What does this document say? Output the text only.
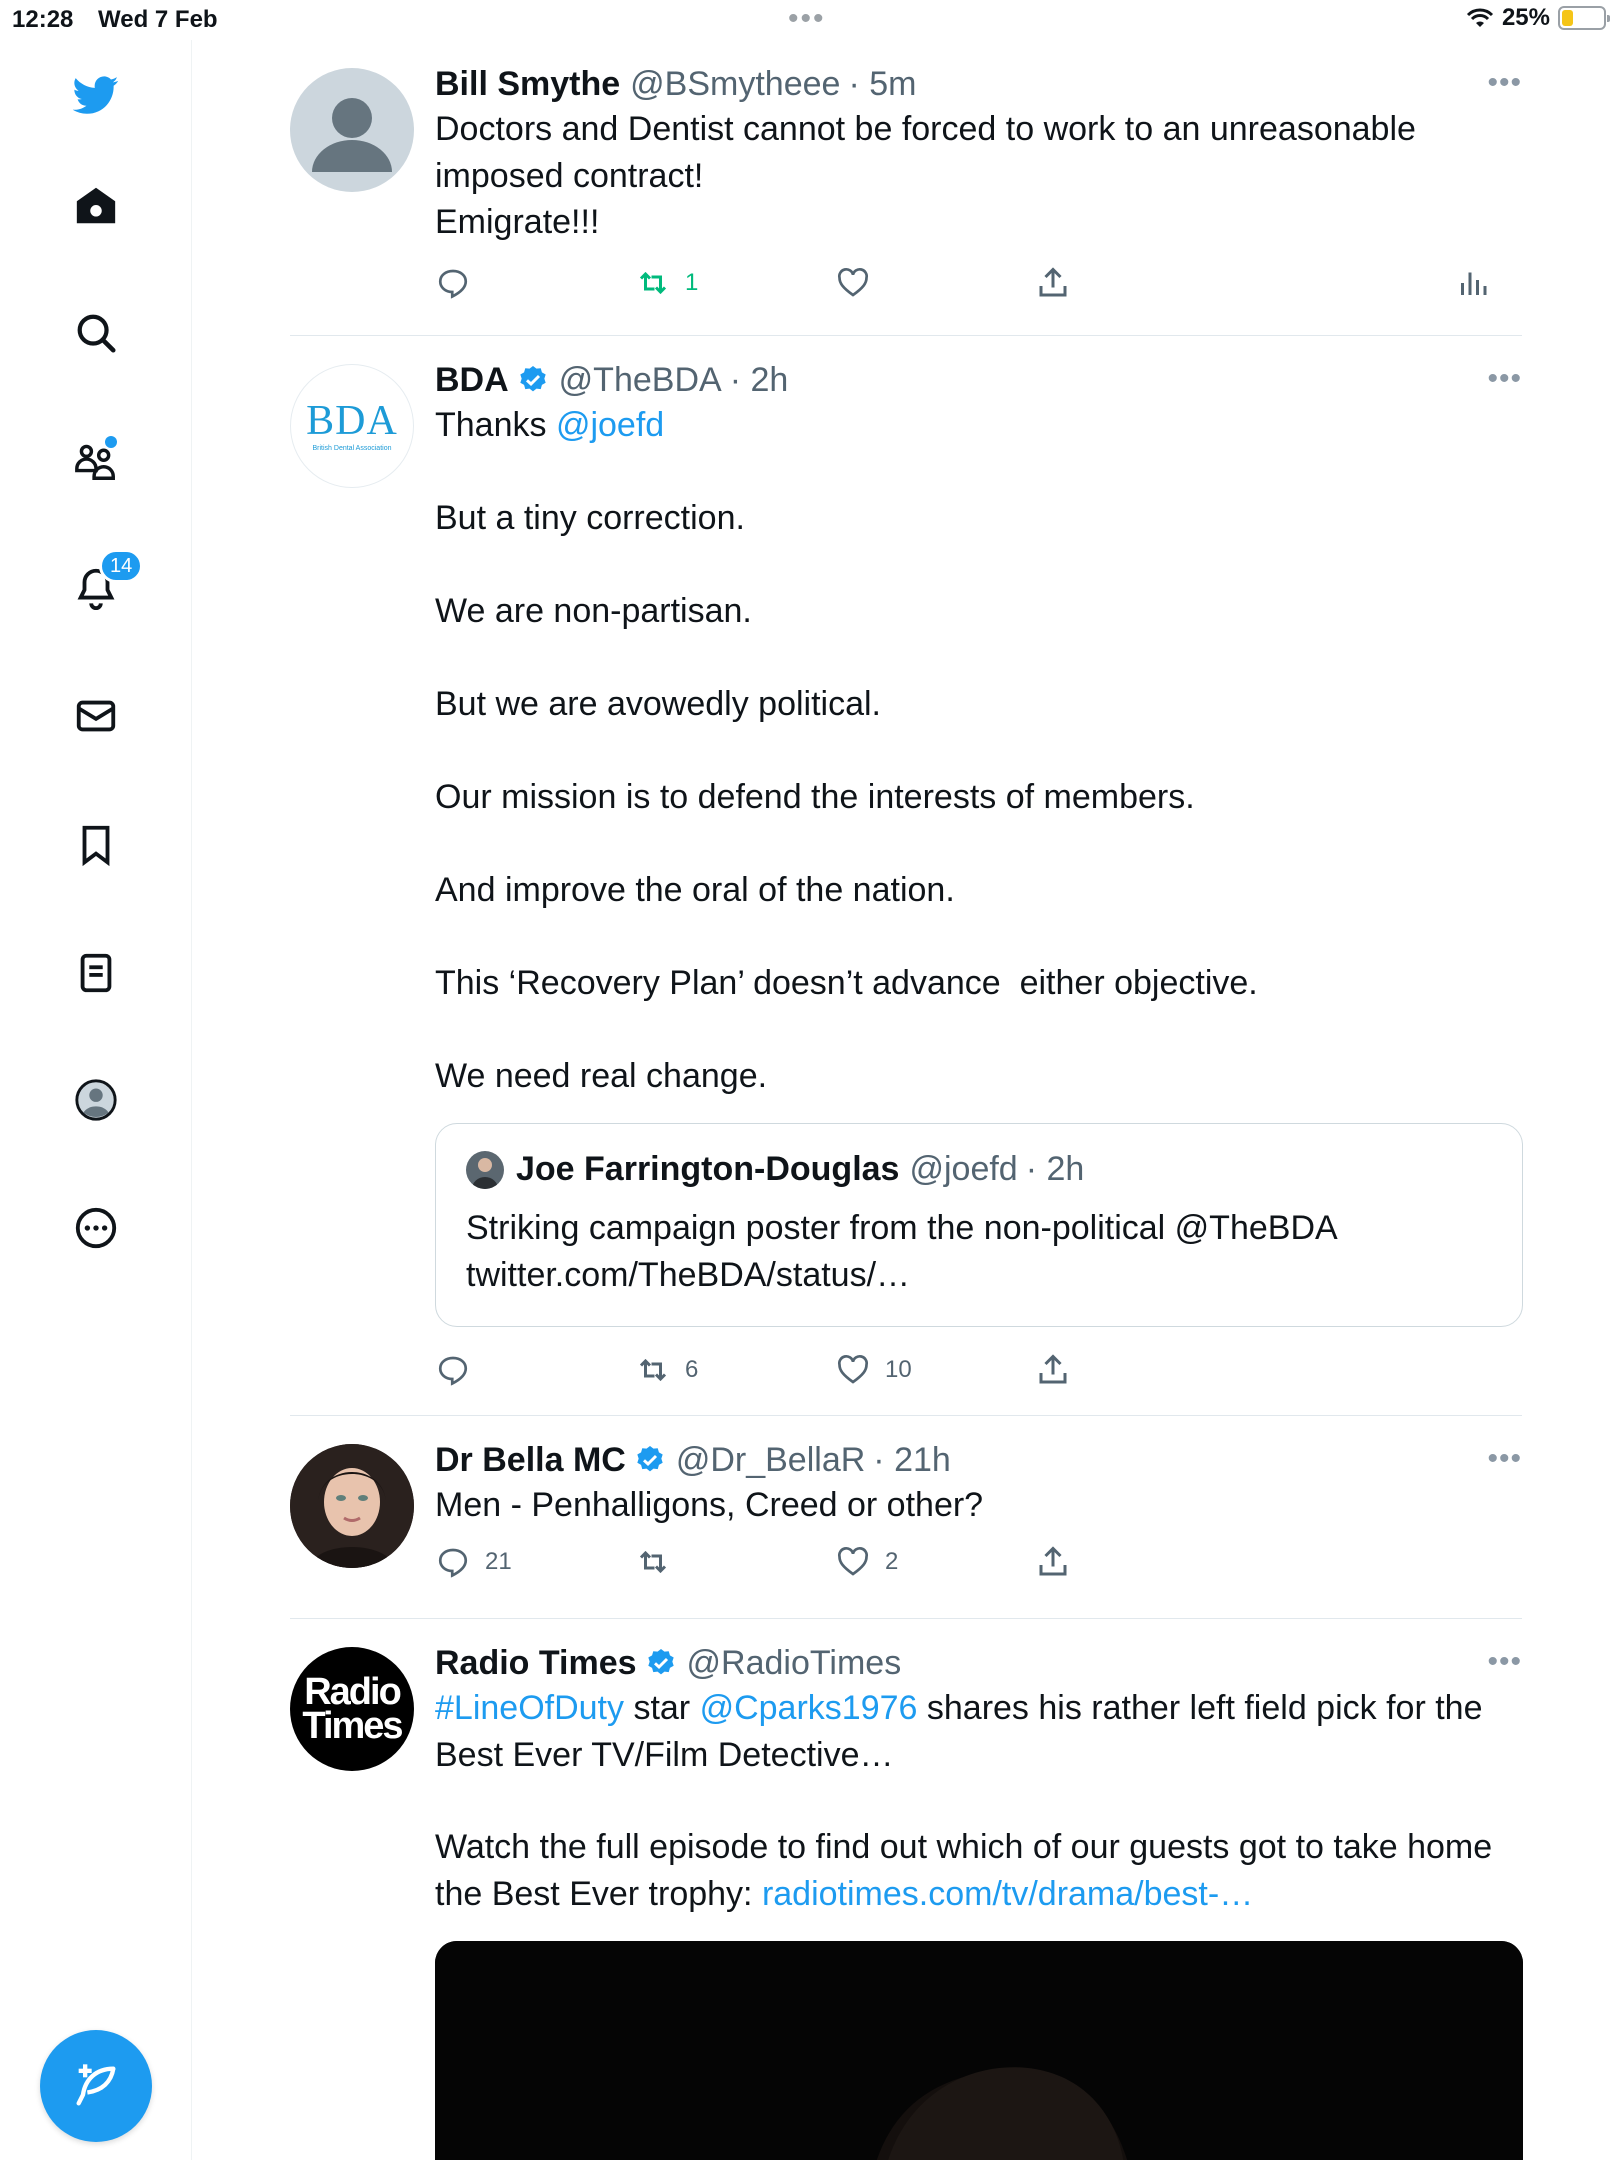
12:28 Wed 7 Feb	•••	25%
14
Bill Smythe @BSmytheee · 5m
Doctors and Dentist cannot be forced to work to an unreasonable imposed contract!
Emigrate!!!
1
•••
BDA
British Dental Association
BDA @TheBDA · 2h
Thanks @joefd
But a tiny correction.

We are non-partisan.

But we are avowedly political.

Our mission is to defend the interests of members.

And improve the oral of the nation.

This ‘Recovery Plan’ doesn’t advance  either objective.

We need real change.
Joe Farrington-Douglas @joefd · 2h
Striking campaign poster from the non-political @TheBDA
twitter.com/TheBDA/status/…
6	10
•••
Dr Bella MC @Dr_BellaR · 21h
Men - Penhalligons, Creed or other?
21	2
•••
Radio
Times
Radio Times @RadioTimes
#LineOfDuty star @Cparks1976 shares his rather left field pick for the Best Ever TV/Film Detective…
Watch the full episode to find out which of our guests got to take home the Best Ever trophy: radiotimes.com/tv/drama/best-…
•••
